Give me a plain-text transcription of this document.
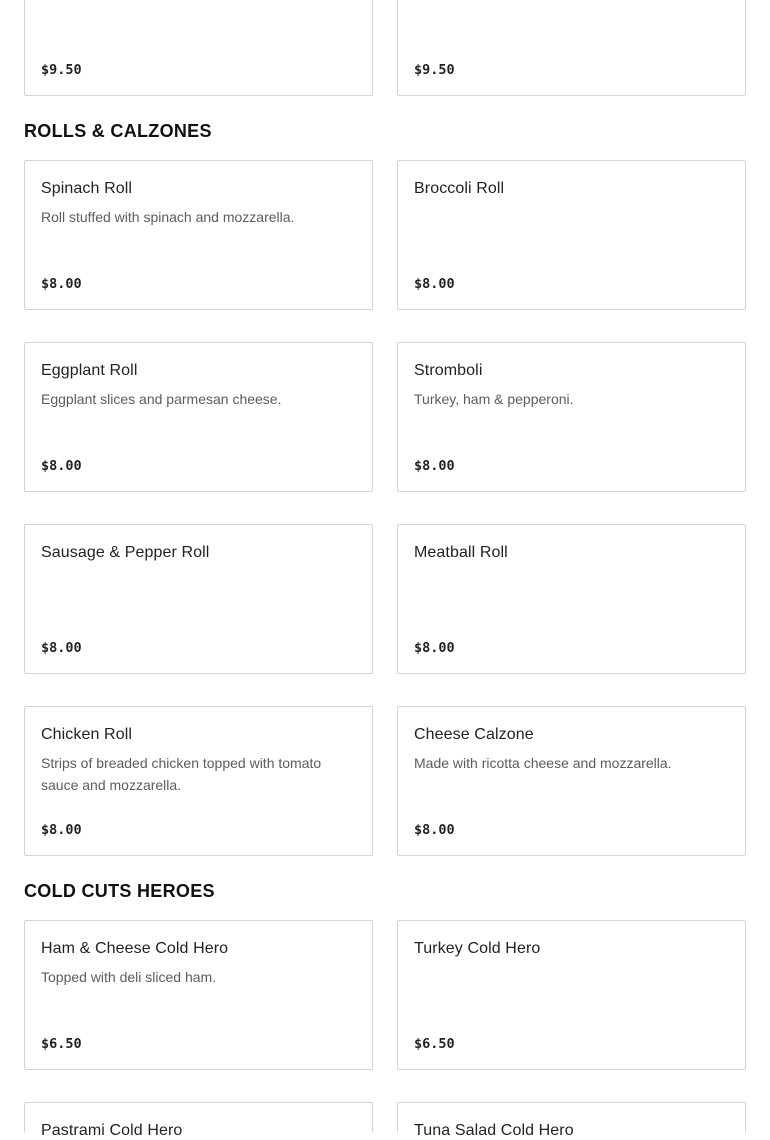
$9.50	$9.50
ROLLS & CALZONES
Spinach Roll
Roll stuffed with spinach and mozzarella.
$8.00
Broccoli Roll
$8.00
Eggplant Roll
Eggplant slices and parmesan cheese.
$8.00
Stromboli
Turkey, ham & pepperoni.
$8.00
Sausage & Pepper Roll
$8.00
Meatball Roll
$8.00
Chicken Roll
Strips of breaded chicken topped with tomato sauce and mozzarella.
$8.00
Cheese Calzone
Made with ricotta cheese and mozzarella.
$8.00
COLD CUTS HEROES
Ham & Cheese Cold Hero
Topped with deli sliced ham.
$6.50
Turkey Cold Hero
$6.50
Pastrami Cold Hero	Tuna Salad Cold Hero
